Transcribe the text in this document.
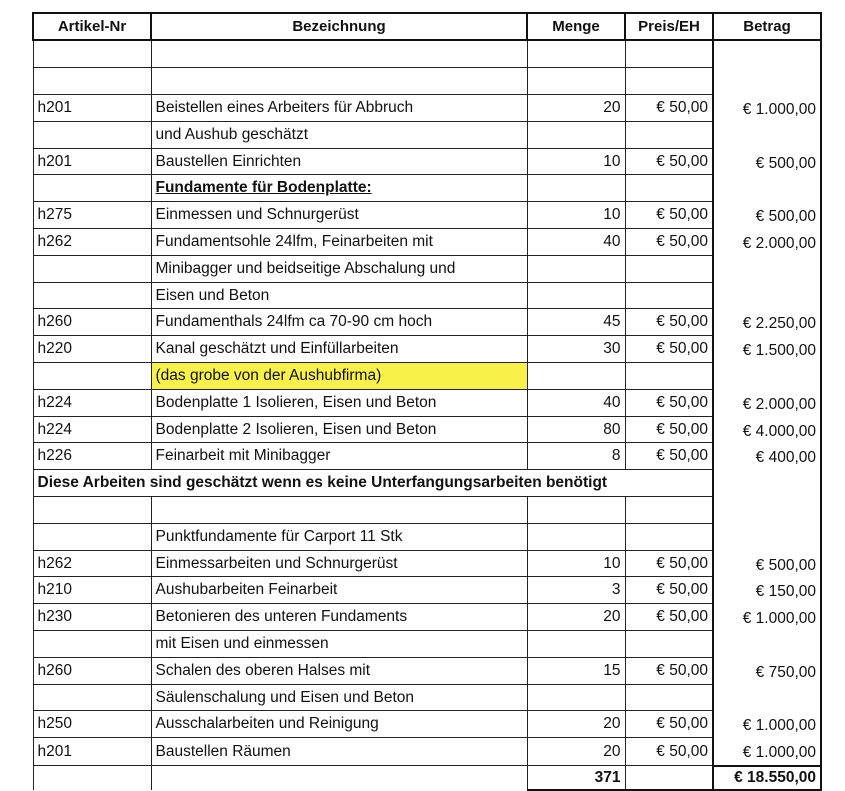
Artikel-Nr	Bezeichnung	Menge	Preis/EH	Betrag

h201	Beistellen eines Arbeiters für Abbruch	20	€ 50,00	€ 1.000,00
	und Aushub geschätzt			
h201	Baustellen Einrichten	10	€ 50,00	€ 500,00
	Fundamente für Bodenplatte:			
h275	Einmessen und Schnurgerüst	10	€ 50,00	€ 500,00
h262	Fundamentsohle 24lfm, Feinarbeiten mit	40	€ 50,00	€ 2.000,00
	Minibagger und beidseitige Abschalung und			
	Eisen und Beton			
h260	Fundamenthals 24lfm ca 70-90 cm hoch	45	€ 50,00	€ 2.250,00
h220	Kanal geschätzt und Einfüllarbeiten	30	€ 50,00	€ 1.500,00
	(das grobe von der Aushubfirma)			
h224	Bodenplatte 1 Isolieren, Eisen und Beton	40	€ 50,00	€ 2.000,00
h224	Bodenplatte 2 Isolieren, Eisen und Beton	80	€ 50,00	€ 4.000,00
h226	Feinarbeit mit Minibagger	8	€ 50,00	€ 400,00
Diese Arbeiten sind geschätzt wenn es keine Unterfangungsarbeiten benötigt				

	Punktfundamente für Carport 11 Stk			
h262	Einmessarbeiten und Schnurgerüst	10	€ 50,00	€ 500,00
h210	Aushubarbeiten Feinarbeit	3	€ 50,00	€ 150,00
h230	Betonieren des unteren Fundaments	20	€ 50,00	€ 1.000,00
	mit Eisen und einmessen			
h260	Schalen des oberen Halses mit	15	€ 50,00	€ 750,00
	Säulenschalung und Eisen und Beton			
h250	Ausschalarbeiten und Reinigung	20	€ 50,00	€ 1.000,00
h201	Baustellen Räumen	20	€ 50,00	€ 1.000,00
		371		€ 18.550,00
